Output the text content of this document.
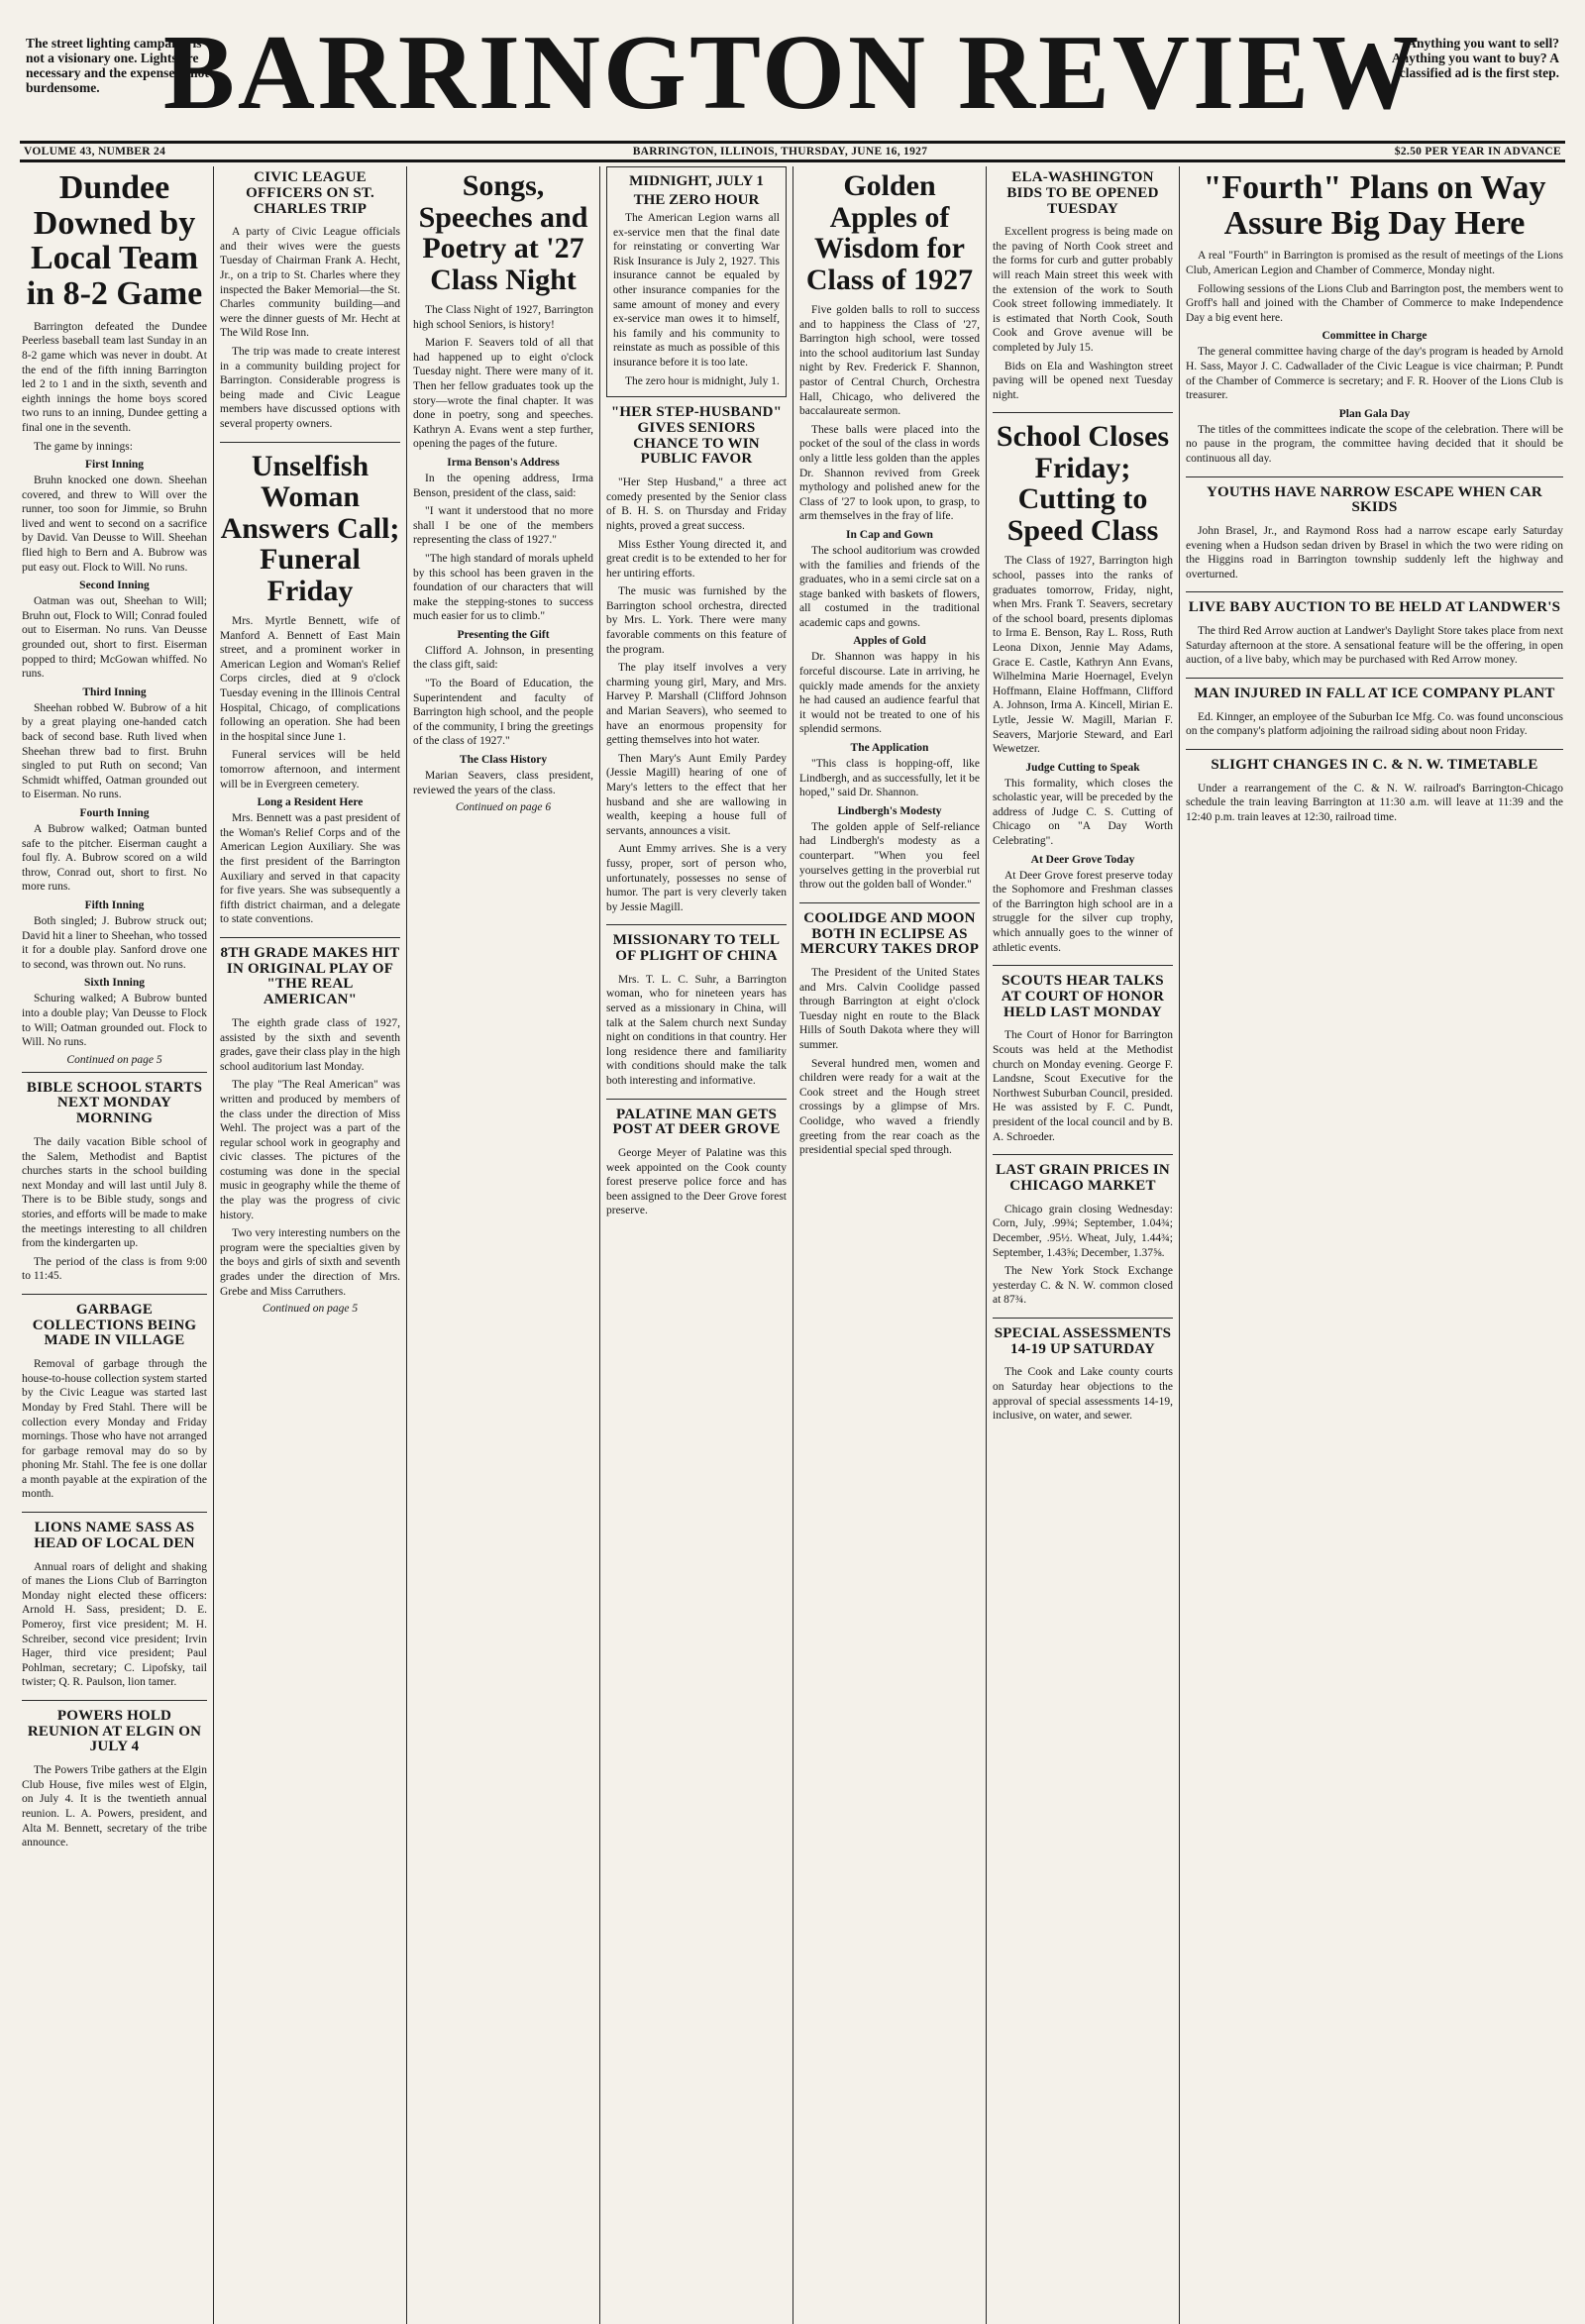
The street lighting campaign is not a visionary one. Lights are necessary and the expense is not burdensome. BARRINGTON REVIEW
Anything you want to sell? Anything you want to buy? A classified ad is the first step.
VOLUME 43, NUMBER 24	BARRINGTON, ILLINOIS, THURSDAY, JUNE 16, 1927	$2.50 PER YEAR IN ADVANCE
Dundee Downed by Local Team in 8-2 Game

Barrington defeated the Dundee Peerless baseball team last Sunday in an 8-2 game which was never in doubt. At the end of the fifth inning Barrington led 2 to 1 and in the sixth, seventh and eighth innings the home boys scored two runs to an inning, Dundee getting a final one in the seventh.

The game by innings:

First Inning

Bruhn knocked one down. Sheehan covered, and threw to Will over the runner, too soon for Jimmie, so Bruhn lived and went to second on a sacrifice by David. Van Deusse to Will. Sheehan flied high to Bern and A. Bubrow was put easy out. Flock to Will. No runs.

Second Inning

Oatman was out, Sheehan to Will; Bruhn out, Flock to Will; Conrad fouled out to Eiserman. No runs. Van Deusse grounded out, short to first. Eiserman popped to third; McGowan whiffed. No runs.

Third Inning

Sheehan robbed W. Bubrow of a hit by a great playing one-handed catch back of second base. Ruth lived when Sheehan threw bad to first. Bruhn singled to put Ruth on second; Van Schmidt whiffed, Oatman grounded out to Eiserman. No runs.

Fourth Inning

A Bubrow walked; Oatman bunted safe to the pitcher. Eiserman caught a foul fly. A. Bubrow scored on a wild throw, Conrad out, short to first. No more runs.

Fifth Inning

Both singled; J. Bubrow struck out; David hit a liner to Sheehan, who tossed it for a double play. Sanford drove one to second, was thrown out. No runs.

Sixth Inning

Schuring walked; A Bubrow bunted into a double play; Van Deusse to Flock to Will; Oatman grounded out. Flock to Will. No runs.

Continued on page 5
BIBLE SCHOOL STARTS NEXT MONDAY MORNING

The daily vacation Bible school of the Salem, Methodist and Baptist churches starts in the school building next Monday and will last until July 8. There is to be Bible study, songs and stories, and efforts will be made to make the meetings interesting to all children from the kindergarten up.

The period of the class is from 9:00 to 11:45.

GARBAGE COLLECTIONS BEING MADE IN VILLAGE

Removal of garbage through the house-to-house collection system started by the Civic League was started last Monday by Fred Stahl. There will be collection every Monday and Friday mornings. Those who have not arranged for garbage removal may do so by phoning Mr. Stahl. The fee is one dollar a month payable at the expiration of the month.

LIONS NAME SASS AS HEAD OF LOCAL DEN

Annual roars of delight and shaking of manes the Lions Club of Barrington Monday night elected these officers: Arnold H. Sass, president; D. E. Pomeroy, first vice president; M. H. Schreiber, second vice president; Irvin Hager, third vice president; Paul Pohlman, secretary; C. Lipofsky, tail twister; Q. R. Paulson, lion tamer.

POWERS HOLD REUNION AT ELGIN ON JULY 4

The Powers Tribe gathers at the Elgin Club House, five miles west of Elgin, on July 4. It is the twentieth annual reunion. L. A. Powers, president, and Alta M. Bennett, secretary of the tribe announce.

CIVIC LEAGUE OFFICERS ON ST. CHARLES TRIP

A party of Civic League officials and their wives were the guests Tuesday of Chairman Frank A. Hecht, Jr., on a trip to St. Charles where they inspected the Baker Memorial—the St. Charles community building—and were the dinner guests of Mr. Hecht at The Wild Rose Inn.

The trip was made to create interest in a community building project for Barrington. Considerable progress is being made and Civic League members have discussed options with several property owners.

Unselfish Woman Answers Call; Funeral Friday

Mrs. Myrtle Bennett, wife of Manford A. Bennett of East Main street, and a prominent worker in American Legion and Woman's Relief Corps circles, died at 9 o'clock Tuesday evening in the Illinois Central Hospital, Chicago, of complications following an operation. She had been in the hospital since June 1.

Funeral services will be held tomorrow afternoon, and interment will be in Evergreen cemetery.

Long a Resident Here

Mrs. Bennett was a past president of the Woman's Relief Corps and of the American Legion Auxiliary. She was the first president of the Barrington Auxiliary and served in that capacity for five years. She was subsequently a fifth district chairman, and a delegate to state conventions.

8TH GRADE MAKES HIT IN ORIGINAL PLAY OF "THE REAL AMERICAN"

The eighth grade class of 1927, assisted by the sixth and seventh grades, gave their class play in the high school auditorium last Monday.

The play "The Real American" was written and produced by members of the class under the direction of Miss Wehl. The project was a part of the regular school work in geography and civic classes. The pictures of the costuming was done in the special music in geography while the theme of the play was the progress of civic history.

Two very interesting numbers on the program were the specialties given by the boys and girls of sixth and seventh grades under the direction of Mrs. Grebe and Miss Carruthers.

Continued on page 5
Songs, Speeches and Poetry at '27 Class Night

The Class Night of 1927, Barrington high school Seniors, is history!

Marion F. Seavers told of all that had happened up to eight o'clock Tuesday night. There were many of it. Then her fellow graduates took up the story—wrote the final chapter. It was done in poetry, song and speeches. Kathryn A. Evans went a step further, opening the pages of the future.

Irma Benson's Address

In the opening address, Irma Benson, president of the class, said:

"I want it understood that no more shall I be one of the members representing the class of 1927."

"The high standard of morals upheld by this school has been graven in the foundation of our characters that will make the stepping-stones to success much easier for us to climb."

Presenting the Gift

Clifford A. Johnson, in presenting the class gift, said:

"To the Board of Education, the Superintendent and faculty of Barrington high school, and the people of the community, I bring the greetings of the class of 1927."

The Class History

Marian Seavers, class president, reviewed the years of the class.

Continued on page 6
MIDNIGHT, JULY 1
THE ZERO HOUR

The American Legion warns all ex-service men that the final date for reinstating or converting War Risk Insurance is July 2, 1927. This insurance cannot be equaled by other insurance companies for the same amount of money and every ex-service man owes it to himself, his family and his community to reinstate as much as possible of this insurance before it is too late.

The zero hour is midnight, July 1.

"HER STEP-HUSBAND" GIVES SENIORS CHANCE TO WIN PUBLIC FAVOR

"Her Step Husband," a three act comedy presented by the Senior class of B. H. S. on Thursday and Friday nights, proved a great success.

Miss Esther Young directed it, and great credit is to be extended to her for her untiring efforts.

The music was furnished by the Barrington school orchestra, directed by Mrs. L. York. There were many favorable comments on this feature of the program.

The play itself involves a very charming young girl, Mary, and Mrs. Harvey P. Marshall (Clifford Johnson and Marian Seavers), who seemed to have an enormous propensity for getting themselves into hot water.

Then Mary's Aunt Emily Pardey (Jessie Magill) hearing of one of Mary's letters to the effect that her husband and she are wallowing in wealth, keeping a house full of servants, announces a visit.

Aunt Emmy arrives. She is a very fussy, proper, sort of person who, unfortunately, possesses no sense of humor. The part is very cleverly taken by Jessie Magill.

MISSIONARY TO TELL OF PLIGHT OF CHINA

Mrs. T. L. C. Suhr, a Barrington woman, who for nineteen years has served as a missionary in China, will talk at the Salem church next Sunday night on conditions in that country. Her long residence there and familiarity with conditions should make the talk both interesting and informative.

PALATINE MAN GETS POST AT DEER GROVE

George Meyer of Palatine was this week appointed on the Cook county forest preserve police force and has been assigned to the Deer Grove forest preserve.

Golden Apples of Wisdom for Class of 1927

Five golden balls to roll to success and to happiness the Class of '27, Barrington high school, were tossed into the school auditorium last Sunday night by Rev. Frederick F. Shannon, pastor of Central Church, Orchestra Hall, Chicago, who delivered the baccalaureate sermon.

These balls were placed into the pocket of the soul of the class in words only a little less golden than the apples Dr. Shannon revived from Greek mythology and polished anew for the Class of '27 to look upon, to grasp, to arm themselves in the fray of life.

In Cap and Gown

The school auditorium was crowded with the families and friends of the graduates, who in a semi circle sat on a stage banked with baskets of flowers, all costumed in the traditional academic caps and gowns.

Apples of Gold

Dr. Shannon was happy in his forceful discourse. Late in arriving, he quickly made amends for the anxiety he had caused an audience fearful that it would not be treated to one of his splendid sermons.

The Application

"This class is hopping-off, like Lindbergh, and as successfully, let it be hoped," said Dr. Shannon.

Lindbergh's Modesty

The golden apple of Self-reliance had Lindbergh's modesty as a counterpart. "When you feel yourselves getting in the proverbial rut throw out the golden ball of Wonder."

COOLIDGE AND MOON BOTH IN ECLIPSE AS MERCURY TAKES DROP

The President of the United States and Mrs. Calvin Coolidge passed through Barrington at eight o'clock Tuesday night en route to the Black Hills of South Dakota where they will summer.

Several hundred men, women and children were ready for a wait at the Cook street and the Hough street crossings by a glimpse of Mrs. Coolidge, who waved a friendly greeting from the rear coach as the presidential special sped through.

ELA-WASHINGTON BIDS TO BE OPENED TUESDAY

Excellent progress is being made on the paving of North Cook street and the forms for curb and gutter probably will reach Main street this week with the extension of the work to South Cook street following immediately. It is estimated that North Cook, South Cook and Grove avenue will be completed by July 15.

Bids on Ela and Washington street paving will be opened next Tuesday night.

School Closes Friday; Cutting to Speed Class

The Class of 1927, Barrington high school, passes into the ranks of graduates tomorrow, Friday, night, when Mrs. Frank T. Seavers, secretary of the school board, presents diplomas to Irma E. Benson, Ray L. Ross, Ruth Leona Dixon, Jennie May Adams, Grace E. Castle, Kathryn Ann Evans, Wilhelmina Marie Hoernagel, Evelyn Hoffmann, Elaine Hoffmann, Clifford A. Johnson, Irma A. Kincell, Mirian E. Lytle, Jessie W. Magill, Marian F. Seavers, Marjorie Steward, and Earl Wewetzer.

Judge Cutting to Speak

This formality, which closes the scholastic year, will be preceded by the address of Judge C. S. Cutting of Chicago on "A Day Worth Celebrating".

At Deer Grove Today

At Deer Grove forest preserve today the Sophomore and Freshman classes of the Barrington high school are in a struggle for the silver cup trophy, which annually goes to the winner of athletic events.

SCOUTS HEAR TALKS AT COURT OF HONOR HELD LAST MONDAY

The Court of Honor for Barrington Scouts was held at the Methodist church on Monday evening. George F. Landsne, Scout Executive for the Northwest Suburban Council, presided. He was assisted by F. C. Pundt, president of the local council and by B. A. Schroeder.

LAST GRAIN PRICES IN CHICAGO MARKET

Chicago grain closing Wednesday: Corn, July, .99¾; September, 1.04¾; December, .95½. Wheat, July, 1.44¾; September, 1.43⅝; December, 1.37⅝.

The New York Stock Exchange yesterday C. & N. W. common closed at 87¾.

SPECIAL ASSESSMENTS 14-19 UP SATURDAY

The Cook and Lake county courts on Saturday hear objections to the approval of special assessments 14-19, inclusive, on water, and sewer.

"Fourth" Plans on Way Assure Big Day Here

A real "Fourth" in Barrington is promised as the result of meetings of the Lions Club, American Legion and Chamber of Commerce, Monday night.

Following sessions of the Lions Club and Barrington post, the members went to Groff's hall and joined with the Chamber of Commerce to make Independence Day a big event here.

Committee in Charge

The general committee having charge of the day's program is headed by Arnold H. Sass, Mayor J. C. Cadwallader of the Civic League is vice chairman; P. Pundt of the Chamber of Commerce is secretary; and F. R. Hoover of the Lions Club is treasurer.

Plan Gala Day

The titles of the committees indicate the scope of the celebration. There will be no pause in the program, the committee having decided that it should be continuous all day.

YOUTHS HAVE NARROW ESCAPE WHEN CAR SKIDS

John Brasel, Jr., and Raymond Ross had a narrow escape early Saturday evening when a Hudson sedan driven by Brasel in which the two were riding on the Higgins road in Barrington township suddenly left the highway and overturned.

LIVE BABY AUCTION TO BE HELD AT LANDWER'S

The third Red Arrow auction at Landwer's Daylight Store takes place from next Saturday afternoon at the store. A sensational feature will be the offering, in open auction, of a live baby, which may be purchased with Red Arrow money.

MAN INJURED IN FALL AT ICE COMPANY PLANT

Ed. Kinnger, an employee of the Suburban Ice Mfg. Co. was found unconscious on the company's platform adjoining the railroad siding about noon Friday.

SLIGHT CHANGES IN C. & N. W. TIMETABLE

Under a rearrangement of the C. & N. W. railroad's Barrington-Chicago schedule the train leaving Barrington at 11:30 a.m. will leave at 11:39 and the 12:40 p.m. train leaves at 12:30, railroad time.
